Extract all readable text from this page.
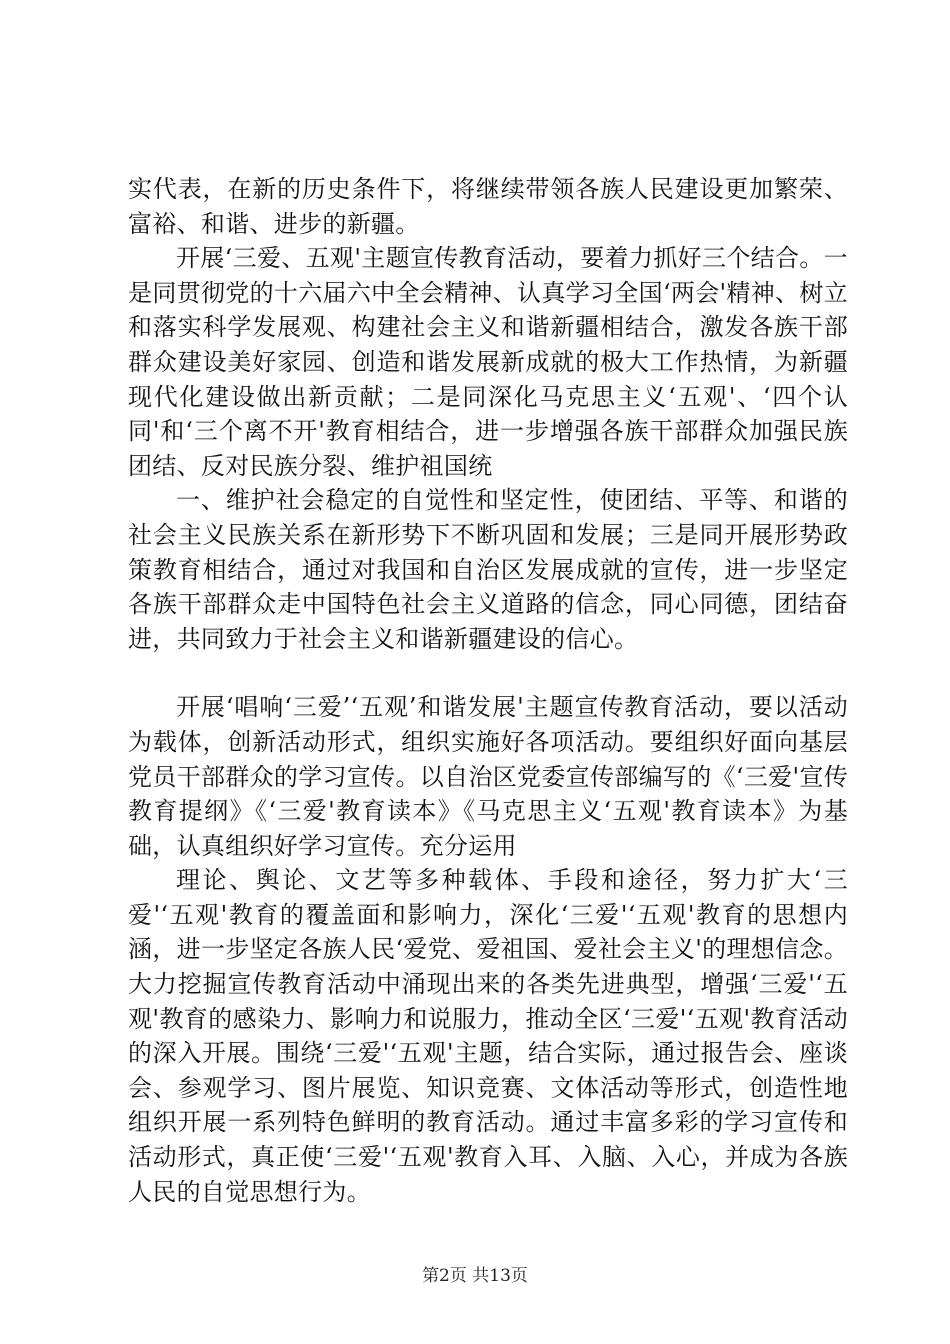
实代表，在新的历史条件下，将继续带领各族人民建设更加繁荣、富裕、和谐、进步的新疆。

开展‘三爱、五观'主题宣传教育活动，要着力抓好三个结合。一是同贯彻党的十六届六中全会精神、认真学习全国‘两会'精神、树立和落实科学发展观、构建社会主义和谐新疆相结合，激发各族干部群众建设美好家园、创造和谐发展新成就的极大工作热情，为新疆现代化建设做出新贡献；二是同深化马克思主义‘五观'、‘四个认同'和‘三个离不开'教育相结合，进一步增强各族干部群众加强民族团结、反对民族分裂、维护祖国统

一、维护社会稳定的自觉性和坚定性，使团结、平等、和谐的社会主义民族关系在新形势下不断巩固和发展；三是同开展形势政策教育相结合，通过对我国和自治区发展成就的宣传，进一步坚定各族干部群众走中国特色社会主义道路的信念，同心同德，团结奋进，共同致力于社会主义和谐新疆建设的信心。

开展‘唱响‘三爱’‘五观’和谐发展'主题宣传教育活动，要以活动为载体，创新活动形式，组织实施好各项活动。要组织好面向基层党员干部群众的学习宣传。以自治区党委宣传部编写的《‘三爱'宣传教育提纲》《‘三爱'教育读本》《马克思主义‘五观'教育读本》为基础，认真组织好学习宣传。充分运用

理论、舆论、文艺等多种载体、手段和途径，努力扩大‘三爱'‘五观'教育的覆盖面和影响力，深化‘三爱'‘五观'教育的思想内涵，进一步坚定各族人民‘爱党、爱祖国、爱社会主义'的理想信念。大力挖掘宣传教育活动中涌现出来的各类先进典型，增强‘三爱'‘五观'教育的感染力、影响力和说服力，推动全区‘三爱'‘五观'教育活动的深入开展。围绕‘三爱'‘五观'主题，结合实际，通过报告会、座谈会、参观学习、图片展览、知识竞赛、文体活动等形式，创造性地组织开展一系列特色鲜明的教育活动。通过丰富多彩的学习宣传和活动形式，真正使‘三爱'‘五观'教育入耳、入脑、入心，并成为各族人民的自觉思想行为。

第2页 共13页
